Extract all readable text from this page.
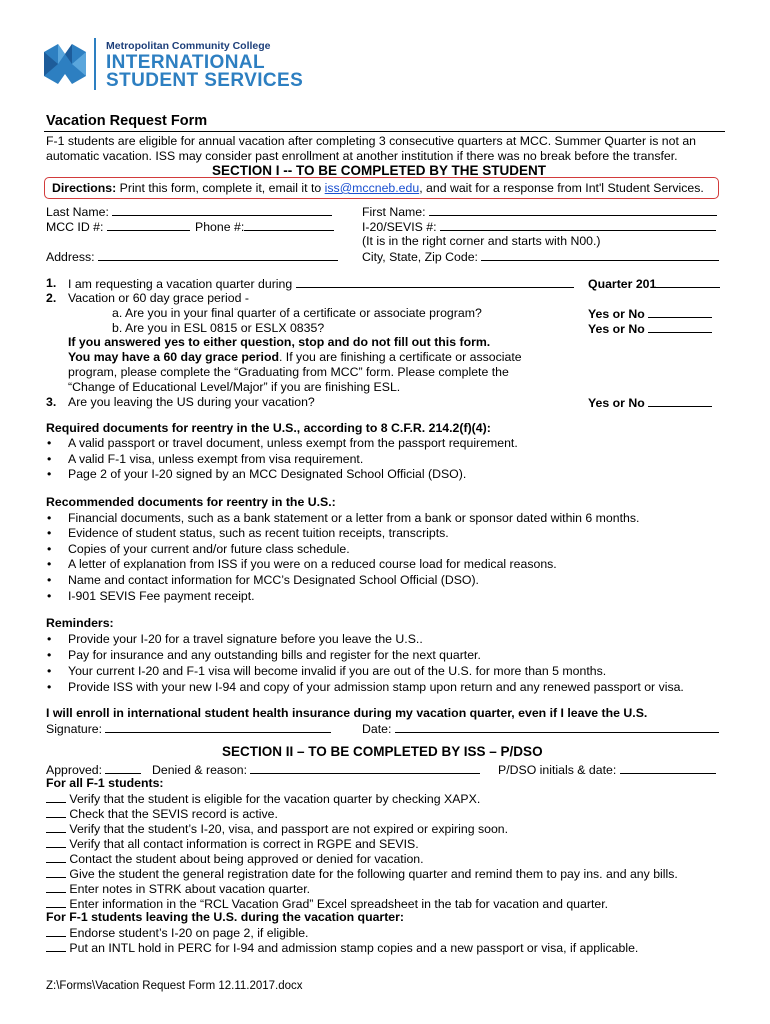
Metropolitan Community College
INTERNATIONAL
STUDENT SERVICES
Vacation Request Form
F-1 students are eligible for annual vacation after completing 3 consecutive quarters at MCC. Summer Quarter is not an
automatic vacation. ISS may consider past enrollment at another institution if there was no break before the transfer.
SECTION I -- TO BE COMPLETED BY THE STUDENT
Directions: Print this form, complete it, email it to iss@mccneb.edu, and wait for a response from Int'l Student Services.
Last Name:
MCC ID #:	Phone #:
Address:
First Name:
I-20/SEVIS #:
(It is in the right corner and starts with N00.)
City, State, Zip Code:
1. I am requesting a vacation quarter during	Quarter 201
2. Vacation or 60 day grace period -
a. Are you in your final quarter of a certificate or associate program?	Yes or No
b. Are you in ESL 0815 or ESLX 0835?	Yes or No
If you answered yes to either question, stop and do not fill out this form.
You may have a 60 day grace period. If you are finishing a certificate or associate
program, please complete the “Graduating from MCC” form. Please complete the
“Change of Educational Level/Major” if you are finishing ESL.
3. Are you leaving the US during your vacation?	Yes or No
Required documents for reentry in the U.S., according to 8 C.F.R. 214.2(f)(4):
• A valid passport or travel document, unless exempt from the passport requirement.
• A valid F-1 visa, unless exempt from visa requirement.
• Page 2 of your I-20 signed by an MCC Designated School Official (DSO).
Recommended documents for reentry in the U.S.:
• Financial documents, such as a bank statement or a letter from a bank or sponsor dated within 6 months.
• Evidence of student status, such as recent tuition receipts, transcripts.
• Copies of your current and/or future class schedule.
• A letter of explanation from ISS if you were on a reduced course load for medical reasons.
• Name and contact information for MCC’s Designated School Official (DSO).
• I-901 SEVIS Fee payment receipt.
Reminders:
• Provide your I-20 for a travel signature before you leave the U.S..
• Pay for insurance and any outstanding bills and register for the next quarter.
• Your current I-20 and F-1 visa will become invalid if you are out of the U.S. for more than 5 months.
• Provide ISS with your new I-94 and copy of your admission stamp upon return and any renewed passport or visa.
I will enroll in international student health insurance during my vacation quarter, even if I leave the U.S.
Signature:	Date:
SECTION II – TO BE COMPLETED BY ISS – P/DSO
Approved:	Denied & reason:	P/DSO initials & date:
For all F-1 students:
Verify that the student is eligible for the vacation quarter by checking XAPX.
Check that the SEVIS record is active.
Verify that the student’s I-20, visa, and passport are not expired or expiring soon.
Verify that all contact information is correct in RGPE and SEVIS.
Contact the student about being approved or denied for vacation.
Give the student the general registration date for the following quarter and remind them to pay ins. and any bills.
Enter notes in STRK about vacation quarter.
Enter information in the “RCL Vacation Grad” Excel spreadsheet in the tab for vacation and quarter.
For F-1 students leaving the U.S. during the vacation quarter:
Endorse student’s I-20 on page 2, if eligible.
Put an INTL hold in PERC for I-94 and admission stamp copies and a new passport or visa, if applicable.
Z:\Forms\Vacation Request Form 12.11.2017.docx
